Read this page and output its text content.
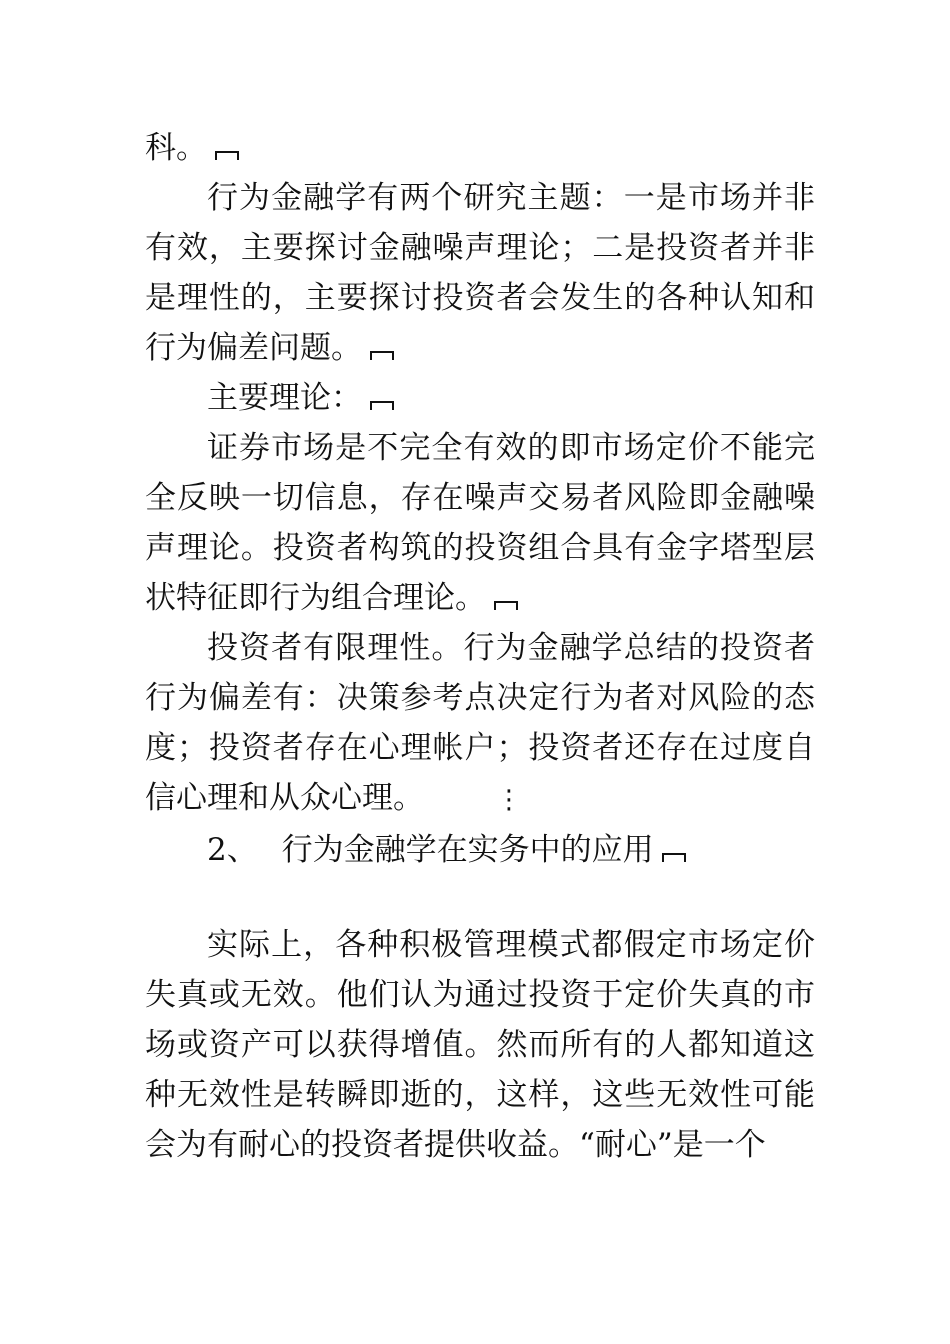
科。

行为金融学有两个研究主题：一是市场并非有效，主要探讨金融噪声理论；二是投资者并非是理性的，主要探讨投资者会发生的各种认知和行为偏差问题。

主要理论：

证券市场是不完全有效的即市场定价不能完全反映一切信息，存在噪声交易者风险即金融噪声理论。投资者构筑的投资组合具有金字塔型层状特征即行为组合理论。

投资者有限理性。行为金融学总结的投资者行为偏差有：决策参考点决定行为者对风险的态度；投资者存在心理帐户；投资者还存在过度自信心理和从众心理。	⋮

2、 行为金融学在实务中的应用

实际上，各种积极管理模式都假定市场定价失真或无效。他们认为通过投资于定价失真的市场或资产可以获得增值。然而所有的人都知道这种无效性是转瞬即逝的，这样，这些无效性可能会为有耐心的投资者提供收益。“耐心”是一个
